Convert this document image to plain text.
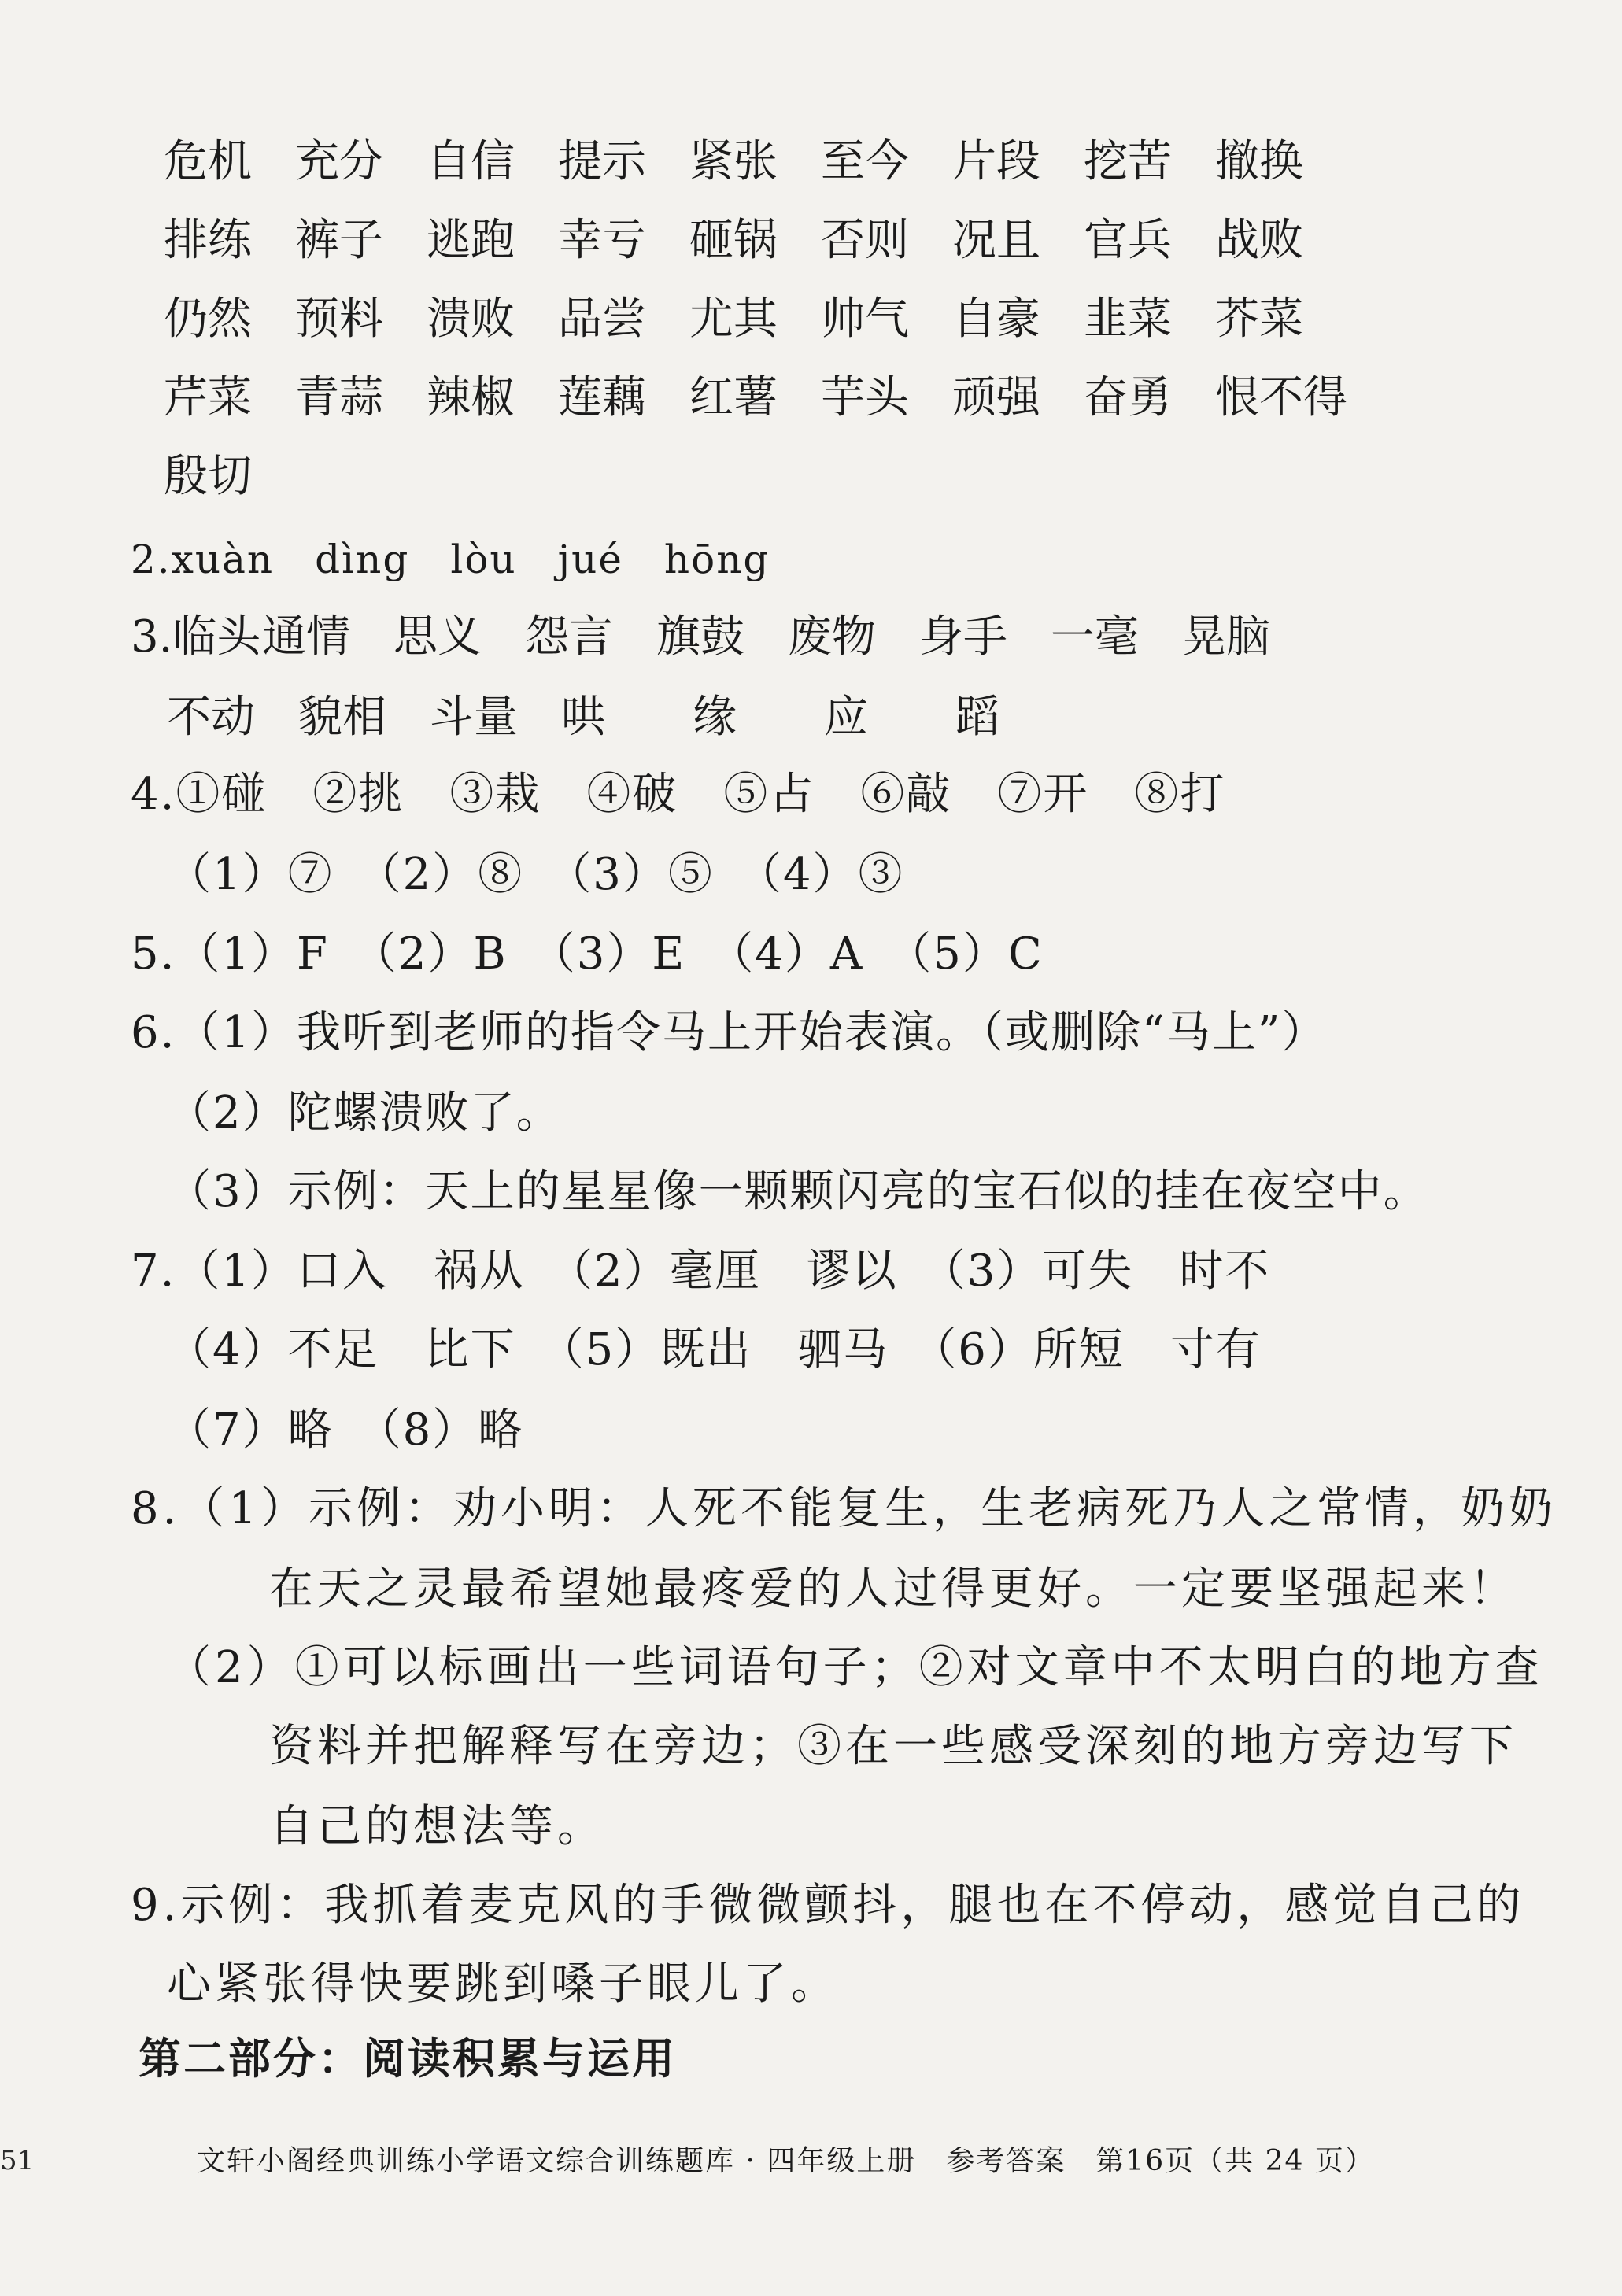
危机 充分 自信 提示 紧张 至今 片段 挖苦 撤换
排练 裤子 逃跑 幸亏 砸锅 否则 况且 官兵 战败
仍然 预料 溃败 品尝 尤其 帅气 自豪 韭菜 芥菜
芹菜 青蒜 辣椒 莲藕 红薯 芋头 顽强 奋勇 恨不得
殷切
2.xuàn　dìng　lòu　jué　hōng
3.临头 通情 思义 怨言 旗鼓 废物 身手 一毫 晃脑
不动 貌相 斗量 哄	缘	应	蹈
4.①碰　②挑　③栽　④破　⑤占　⑥敲　⑦开　⑧打
（1）⑦　（2）⑧　（3）⑤　（4）③
5.（1）F　（2）B　（3）E　（4）A　（5）C
6.（1）我听到老师的指令马上开始表演。（或删除“马上”）
（2）陀螺溃败了。
（3）示例：天上的星星像一颗颗闪亮的宝石似的挂在夜空中。
7.（1）口入　祸从　（2）毫厘　谬以　（3）可失　时不
（4）不足　比下　（5）既出　驷马　（6）所短　寸有
（7）略　（8）略
8.（1）示例：劝小明：人死不能复生，生老病死乃人之常情，奶奶
在天之灵最希望她最疼爱的人过得更好。一定要坚强起来！
（2）①可以标画出一些词语句子；②对文章中不太明白的地方查
资料并把解释写在旁边；③在一些感受深刻的地方旁边写下
自己的想法等。
9.示例：我抓着麦克风的手微微颤抖，腿也在不停动，感觉自己的
心紧张得快要跳到嗓子眼儿了。
第二部分：阅读积累与运用
文轩小阁经典训练小学语文综合训练题库 · 四年级上册　参考答案　第16页（共 24 页）
51
